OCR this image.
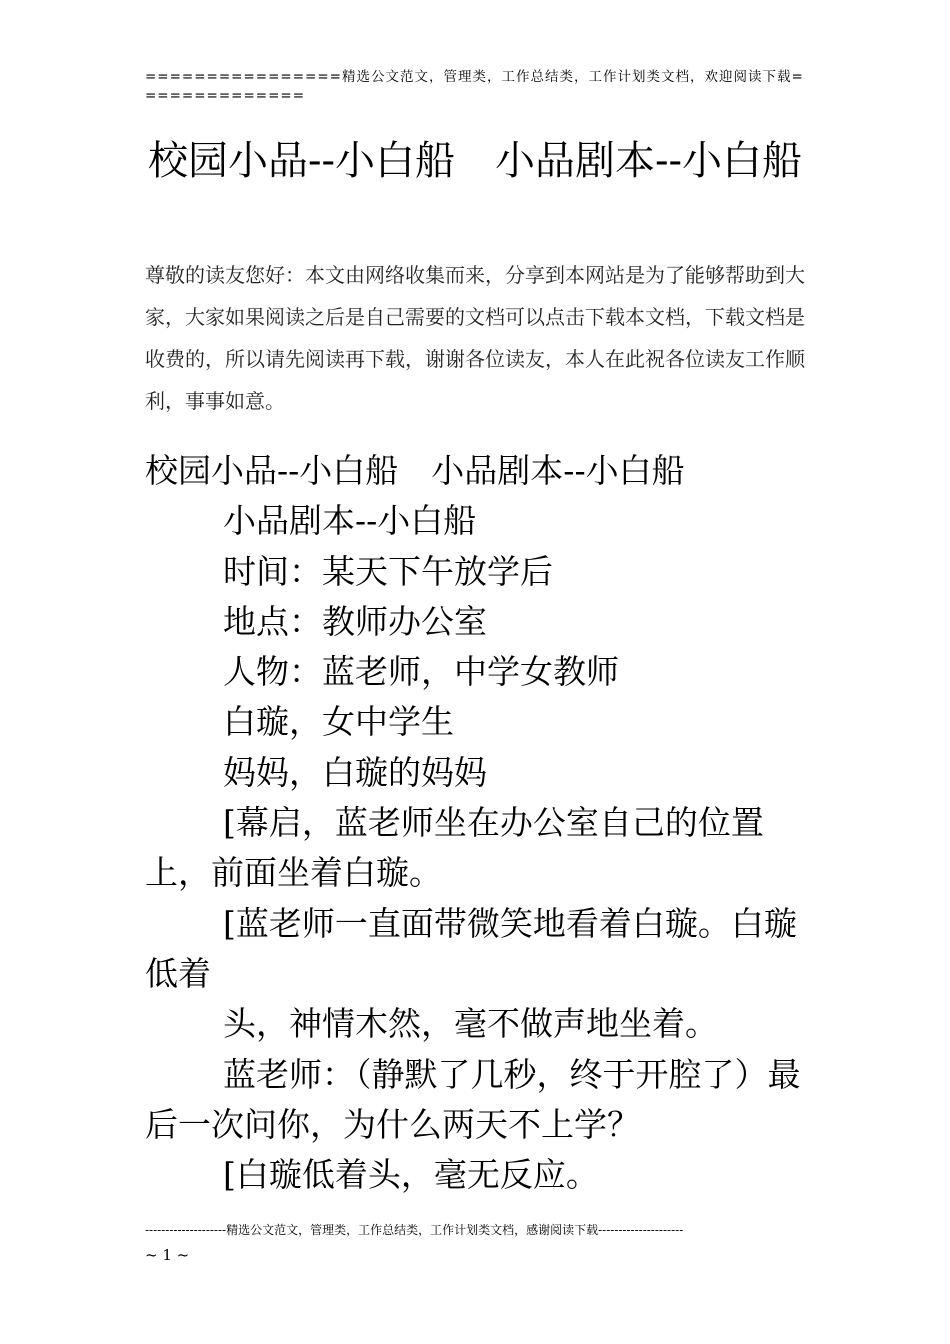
================精选公文范文，管理类，工作总结类，工作计划类文档，欢迎阅读下载==============
校园小品--小白船　小品剧本--小白船
尊敬的读友您好：本文由网络收集而来，分享到本网站是为了能够帮助到大家，大家如果阅读之后是自己需要的文档可以点击下载本文档，下载文档是收费的，所以请先阅读再下载，谢谢各位读友，本人在此祝各位读友工作顺利，事事如意。

校园小品--小白船　小品剧本--小白船

小品剧本--小白船

时间：某天下午放学后

地点：教师办公室

人物：蓝老师，中学女教师

白璇，女中学生

妈妈，白璇的妈妈

[幕启，蓝老师坐在办公室自己的位置上，前面坐着白璇。

[蓝老师一直面带微笑地看着白璇。白璇低着

头，神情木然，毫不做声地坐着。

蓝老师：（静默了几秒，终于开腔了）最后一次问你，为什么两天不上学？

[白璇低着头，毫无反应。

--------------------精选公文范文，管理类，工作总结类，工作计划类文档，感谢阅读下载---------------------
~ 1 ~
